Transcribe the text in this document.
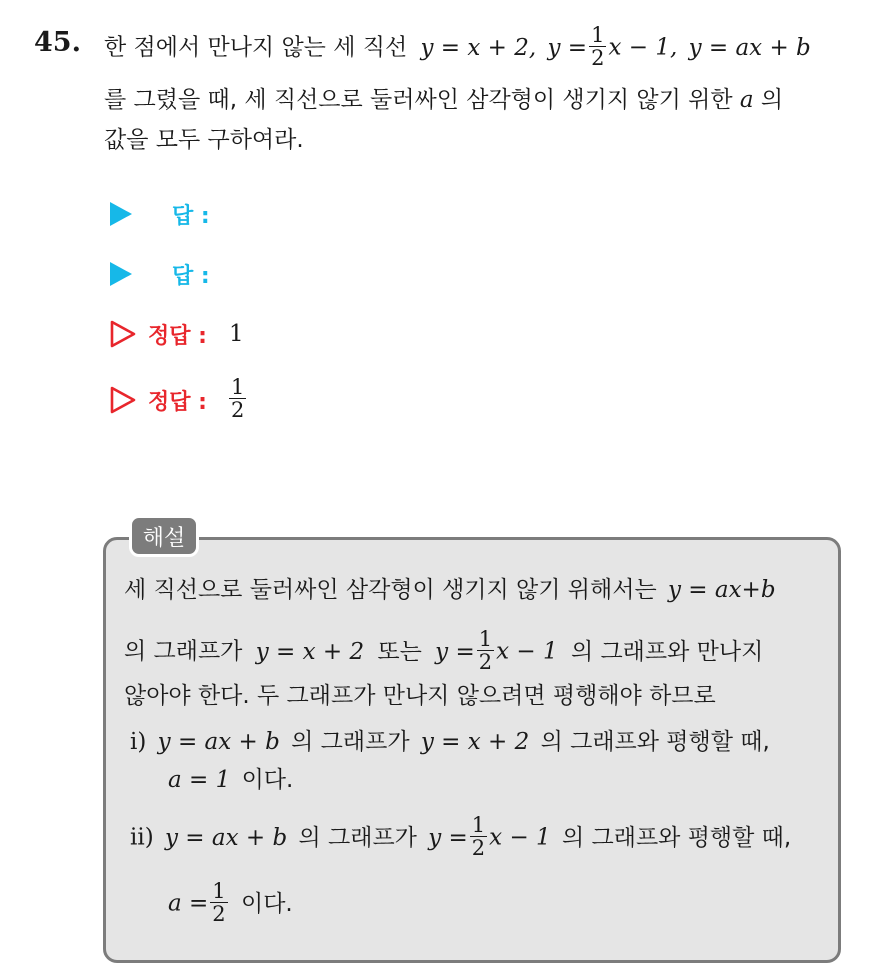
45. 한 점에서 만나지 않는 세 직선 y = x + 2, $y = \frac{1}{2}$ x − 1, y = ax + b
를 그렸을 때, 세 직선으로 둘러싸인 삼각형이 생기지 않기 위한 a 의
값을 모두 구하여라.
답 :
답 :
정답 : 1
정답 : $\frac{1}{2}$
해설
세 직선으로 둘러싸인 삼각형이 생기지 않기 위해서는 y = ax+b
의 그래프가 y = x + 2 또는 $y = \frac{1}{2}$ x − 1 의 그래프와 만나지
않아야 한다. 두 그래프가 만나지 않으려면 평행해야 하므로
ⅰ) y = ax + b 의 그래프가 y = x + 2 의 그래프와 평행할 때,
a = 1 이다.
ⅱ) y = ax + b 의 그래프가 $y = \frac{1}{2}$ x − 1 의 그래프와 평행할 때,
$a = \frac{1}{2}$ 이다.
